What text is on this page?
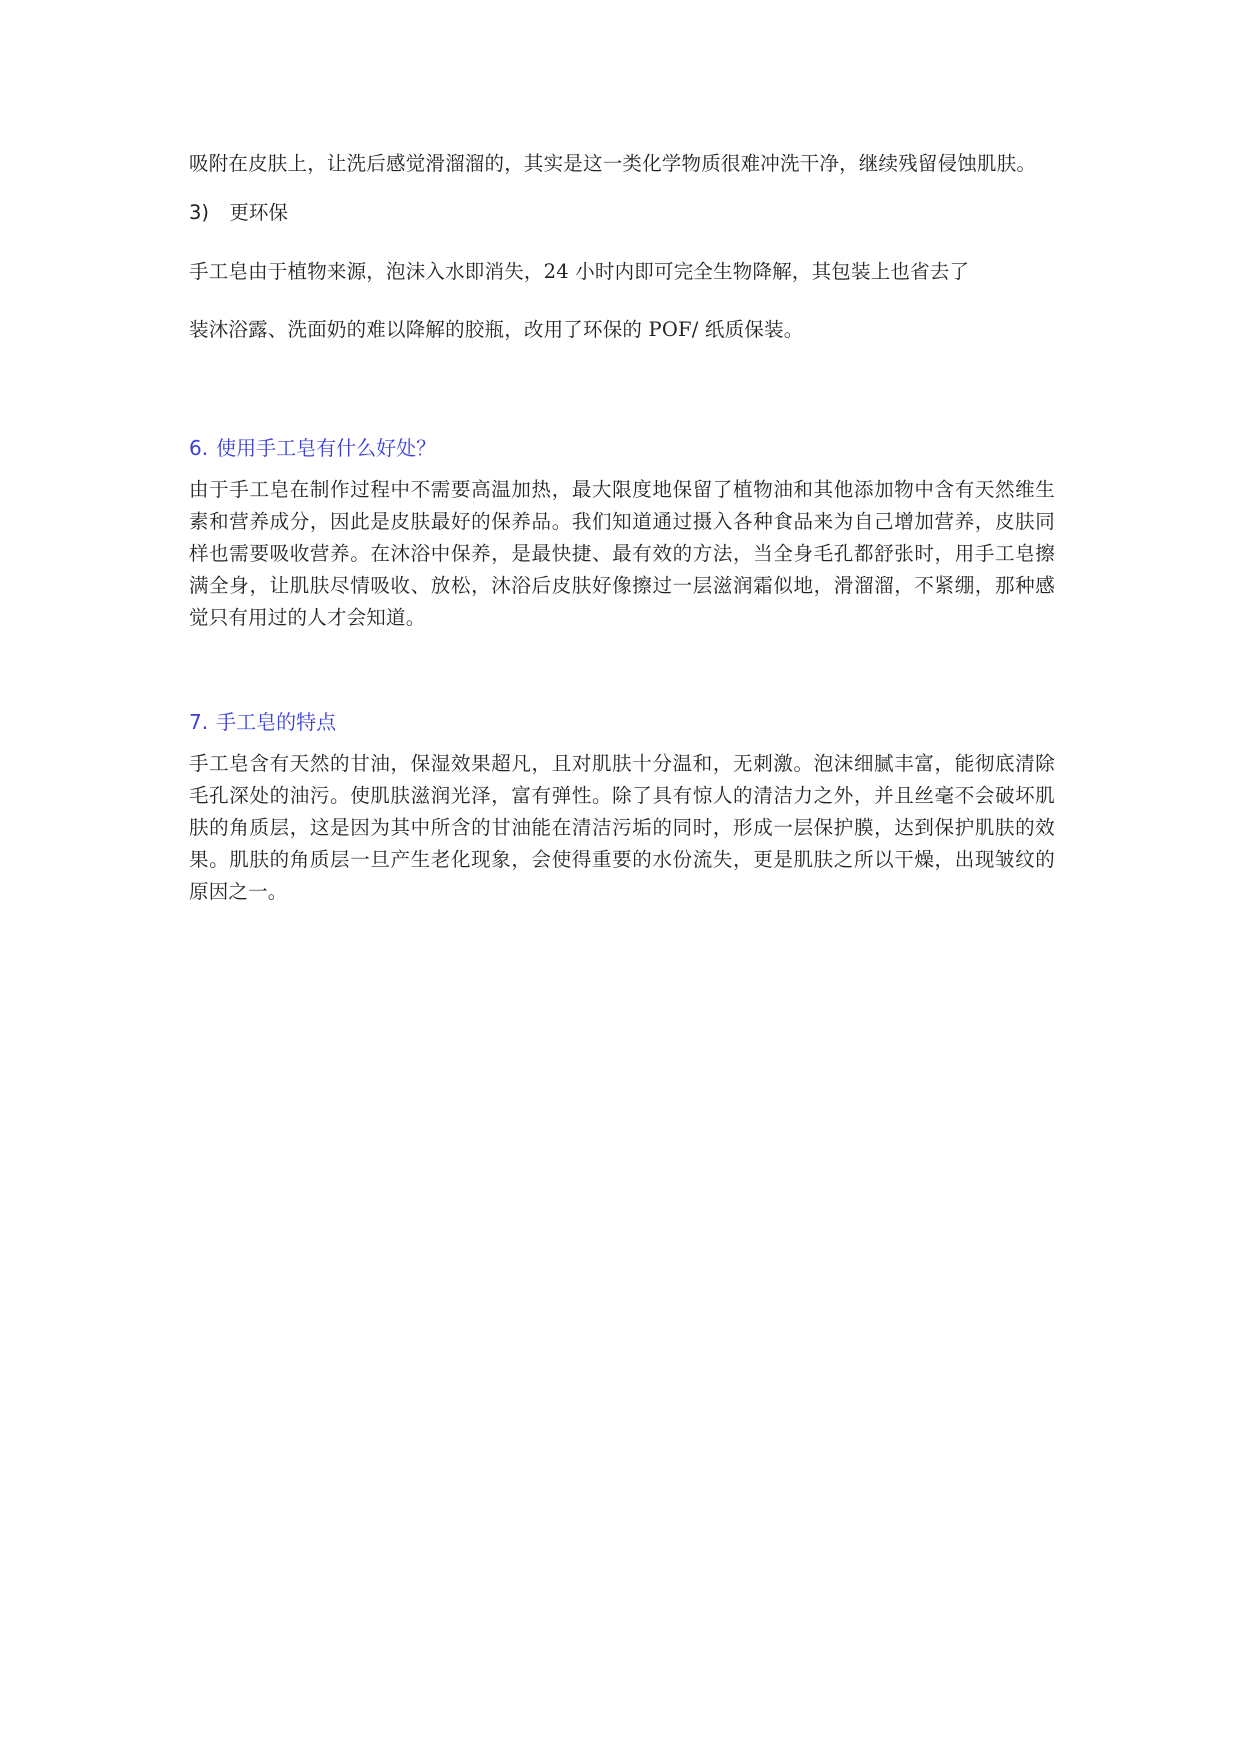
吸附在皮肤上，让洗后感觉滑溜溜的，其实是这一类化学物质很难冲洗干净，继续残留侵蚀肌肤。

3) 更环保

手工皂由于植物来源，泡沫入水即消失，24 小时内即可完全生物降解，其包装上也省去了

装沐浴露、洗面奶的难以降解的胶瓶，改用了环保的 POF/ 纸质保装。

6. 使用手工皂有什么好处？

由于手工皂在制作过程中不需要高温加热，最大限度地保留了植物油和其他添加物中含有天然维生素和营养成分，因此是皮肤最好的保养品。我们知道通过摄入各种食品来为自己增加营养，皮肤同样也需要吸收营养。在沐浴中保养，是最快捷、最有效的方法，当全身毛孔都舒张时，用手工皂擦满全身，让肌肤尽情吸收、放松，沐浴后皮肤好像擦过一层滋润霜似地，滑溜溜，不紧绷，那种感觉只有用过的人才会知道。

7. 手工皂的特点

手工皂含有天然的甘油，保湿效果超凡，且对肌肤十分温和，无刺激。泡沫细腻丰富，能彻底清除毛孔深处的油污。使肌肤滋润光泽，富有弹性。除了具有惊人的清洁力之外，并且丝毫不会破坏肌肤的角质层，这是因为其中所含的甘油能在清洁污垢的同时，形成一层保护膜，达到保护肌肤的效果。肌肤的角质层一旦产生老化现象，会使得重要的水份流失，更是肌肤之所以干燥，出现皱纹的原因之一。
